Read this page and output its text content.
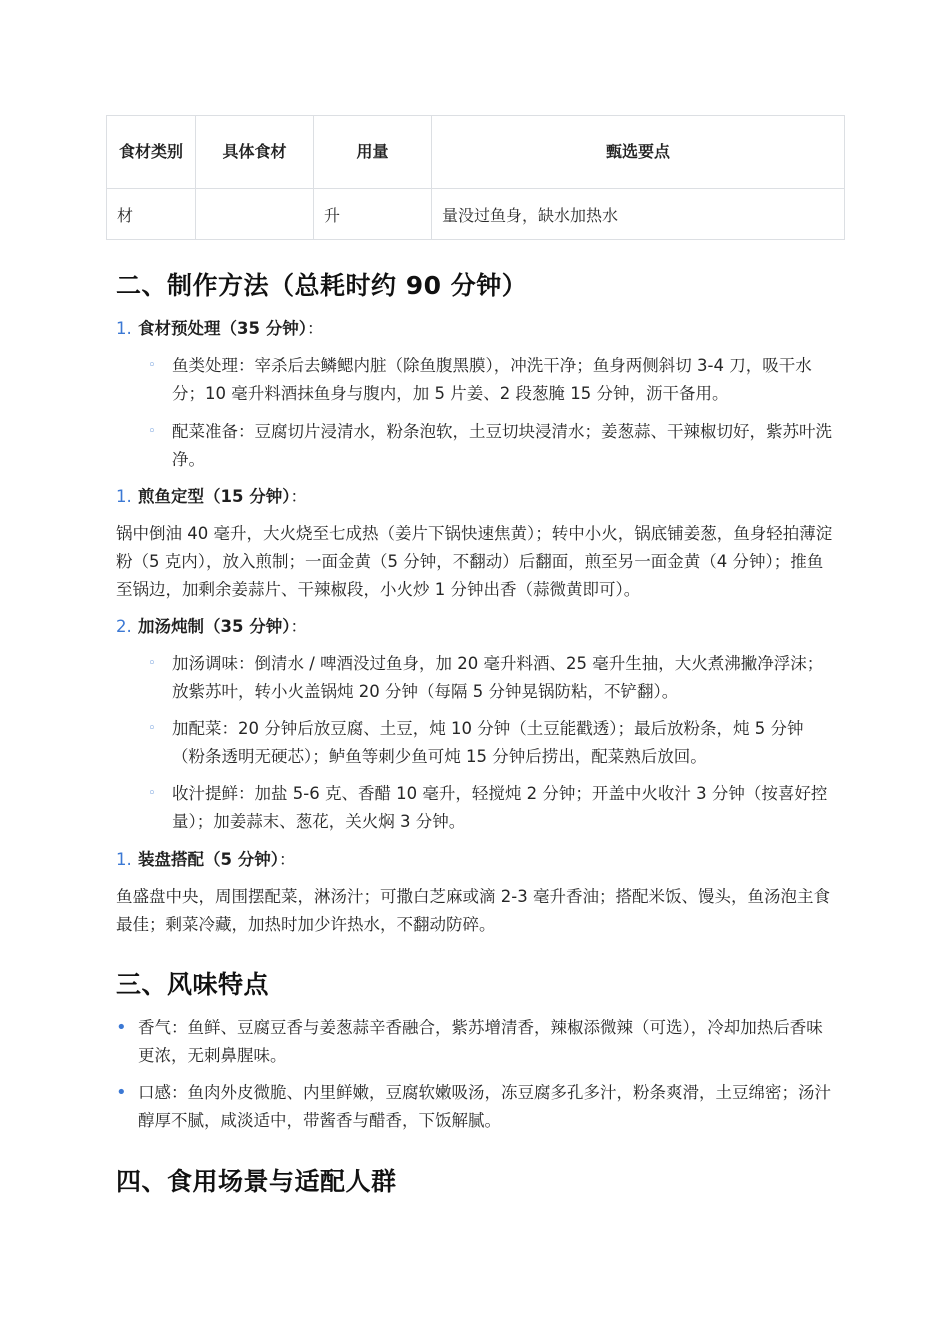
食材类别	具体食材	用量	甄选要点
材		升	量没过鱼身，缺水加热水
二、制作方法（总耗时约 90 分钟）
1. 食材预处理（35 分钟）：
◦ 鱼类处理：宰杀后去鳞鳃内脏（除鱼腹黑膜），冲洗干净；鱼身两侧斜切 3-4 刀，吸干水分；10 毫升料酒抹鱼身与腹内，加 5 片姜、2 段葱腌 15 分钟，沥干备用。

◦ 配菜准备：豆腐切片浸清水，粉条泡软，土豆切块浸清水；姜葱蒜、干辣椒切好，紫苏叶洗净。

1. 煎鱼定型（15 分钟）：

锅中倒油 40 毫升，大火烧至七成热（姜片下锅快速焦黄）；转中小火，锅底铺姜葱，鱼身轻拍薄淀粉（5 克内），放入煎制；一面金黄（5 分钟，不翻动）后翻面，煎至另一面金黄（4 分钟）；推鱼至锅边，加剩余姜蒜片、干辣椒段，小火炒 1 分钟出香（蒜微黄即可）。

2. 加汤炖制（35 分钟）：
◦ 加汤调味：倒清水 / 啤酒没过鱼身，加 20 毫升料酒、25 毫升生抽，大火煮沸撇净浮沫；放紫苏叶，转小火盖锅炖 20 分钟（每隔 5 分钟晃锅防粘，不铲翻）。

◦ 加配菜：20 分钟后放豆腐、土豆，炖 10 分钟（土豆能戳透）；最后放粉条，炖 5 分钟（粉条透明无硬芯）；鲈鱼等刺少鱼可炖 15 分钟后捞出，配菜熟后放回。

◦ 收汁提鲜：加盐 5-6 克、香醋 10 毫升，轻搅炖 2 分钟；开盖中火收汁 3 分钟（按喜好控量）；加姜蒜末、葱花，关火焖 3 分钟。

1. 装盘搭配（5 分钟）：

鱼盛盘中央，周围摆配菜，淋汤汁；可撒白芝麻或滴 2-3 毫升香油；搭配米饭、馒头，鱼汤泡主食最佳；剩菜冷藏，加热时加少许热水，不翻动防碎。

三、风味特点
• 香气：鱼鲜、豆腐豆香与姜葱蒜辛香融合，紫苏增清香，辣椒添微辣（可选），冷却加热后香味更浓，无刺鼻腥味。

• 口感：鱼肉外皮微脆、内里鲜嫩，豆腐软嫩吸汤，冻豆腐多孔多汁，粉条爽滑，土豆绵密；汤汁醇厚不腻，咸淡适中，带酱香与醋香，下饭解腻。

四、食用场景与适配人群
